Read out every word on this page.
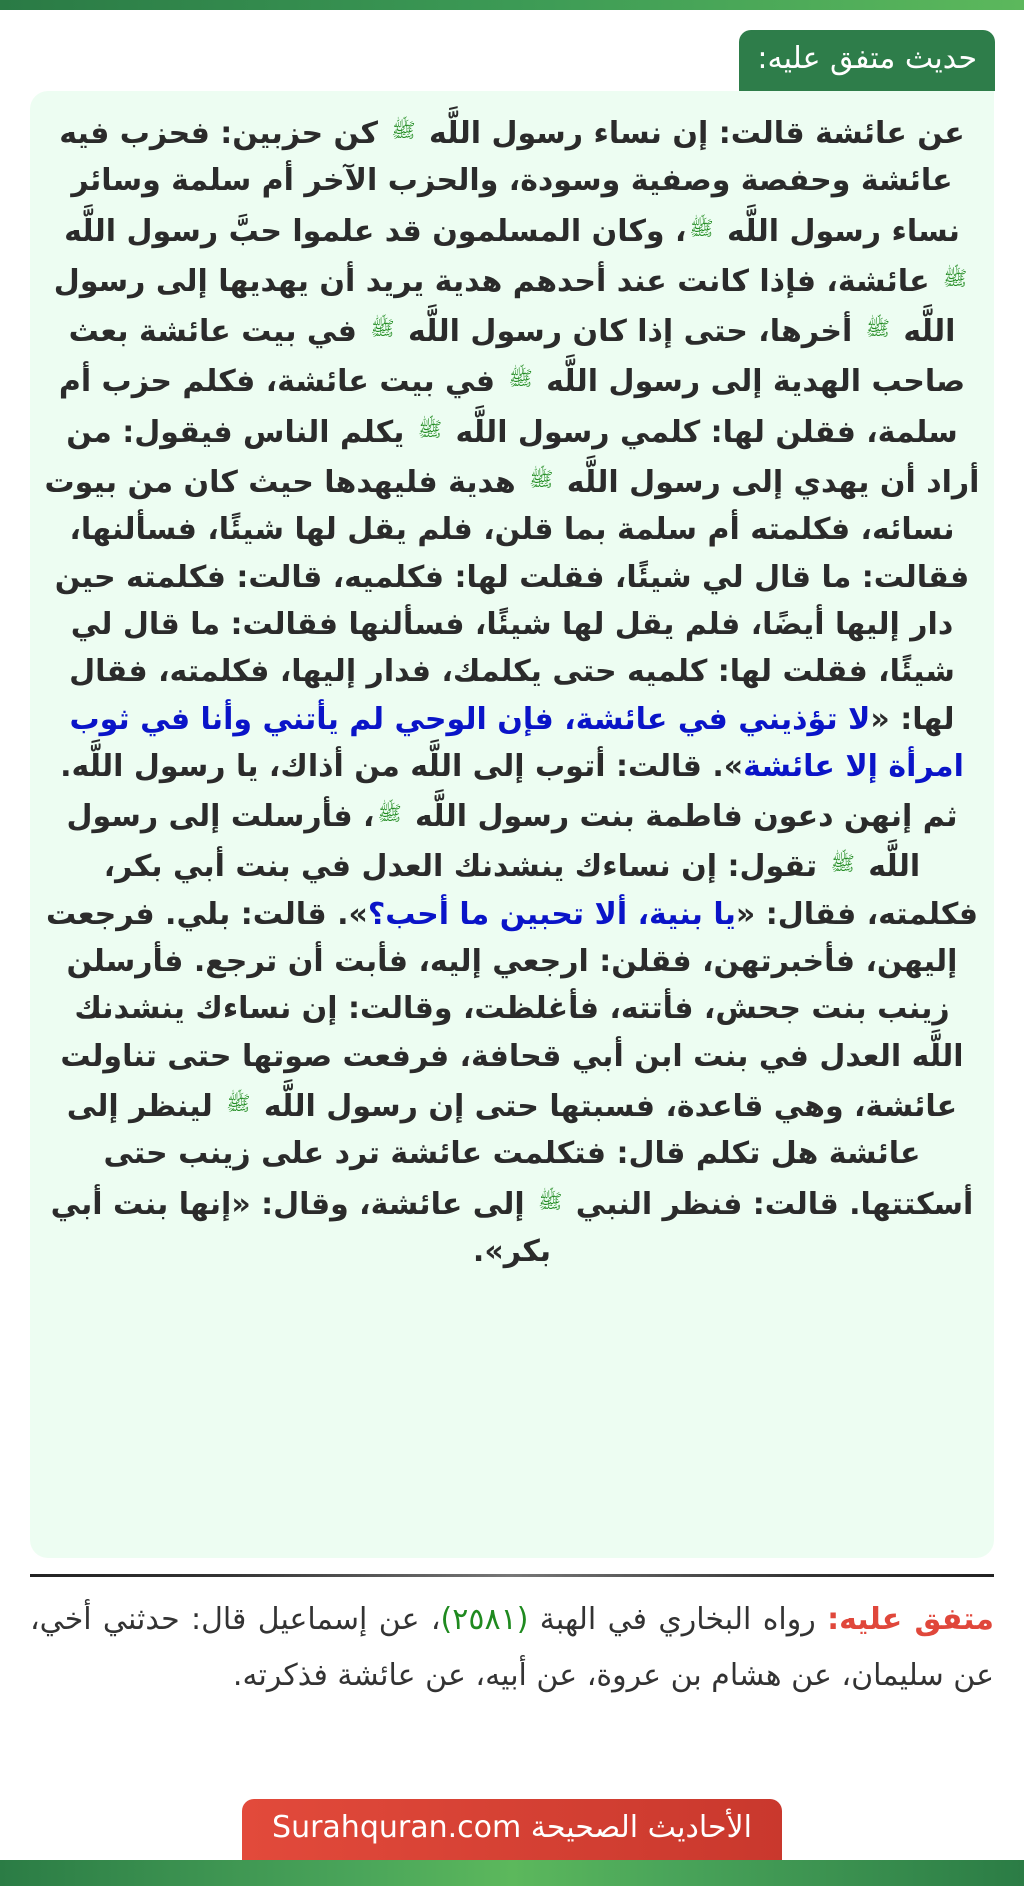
حديث متفق عليه:
عن عائشة قالت: إن نساء رسول اللَّه $^ﷺ$ كن حزبين: فحزب فيه عائشة وحفصة وصفية وسودة، والحزب الآخر أم سلمة وسائر نساء رسول اللَّه $^ﷺ$، وكان المسلمون قد علموا حبَّ رسول اللَّه $^ﷺ$ عائشة، فإذا كانت عند أحدهم هدية يريد أن يهديها إلى رسول اللَّه $^ﷺ$ أخرها، حتى إذا كان رسول اللَّه $^ﷺ$ في بيت عائشة بعث صاحب الهدية إلى رسول اللَّه $^ﷺ$ في بيت عائشة، فكلم حزب أم سلمة، فقلن لها: كلمي رسول اللَّه $^ﷺ$ يكلم الناس فيقول: من أراد أن يهدي إلى رسول اللَّه $^ﷺ$ هدية فليهدها حيث كان من بيوت نسائه، فكلمته أم سلمة بما قلن، فلم يقل لها شيئًا، فسألنها، فقالت: ما قال لي شيئًا، فقلت لها: فكلميه، قالت: فكلمته حين دار إليها أيضًا، فلم يقل لها شيئًا، فسألنها فقالت: ما قال لي شيئًا، فقلت لها: كلميه حتى يكلمك، فدار إليها، فكلمته، فقال لها: «لا تؤذيني في عائشة، فإن الوحي لم يأتني وأنا في ثوب امرأة إلا عائشة». قالت: أتوب إلى اللَّه من أذاك، يا رسول اللَّه. ثم إنهن دعون فاطمة بنت رسول اللَّه $^ﷺ$، فأرسلت إلى رسول اللَّه $^ﷺ$ تقول: إن نساءك ينشدنك العدل في بنت أبي بكر، فكلمته، فقال: «يا بنية، ألا تحبين ما أحب؟». قالت: بلي. فرجعت إليهن، فأخبرتهن، فقلن: ارجعي إليه، فأبت أن ترجع. فأرسلن زينب بنت جحش، فأتته، فأغلظت، وقالت: إن نساءك ينشدنك اللَّه العدل في بنت ابن أبي قحافة، فرفعت صوتها حتى تناولت عائشة، وهي قاعدة، فسبتها حتى إن رسول اللَّه $^ﷺ$ لينظر إلى عائشة هل تكلم قال: فتكلمت عائشة ترد على زينب حتى أسكتتها. قالت: فنظر النبي $^ﷺ$ إلى عائشة، وقال: «إنها بنت أبي بكر».
متفق عليه: رواه البخاري في الهبة (٢٥٨١)، عن إسماعيل قال: حدثني أخي، عن سليمان، عن هشام بن عروة، عن أبيه، عن عائشة فذكرته.
الأحاديث الصحيحة Surahquran.com
